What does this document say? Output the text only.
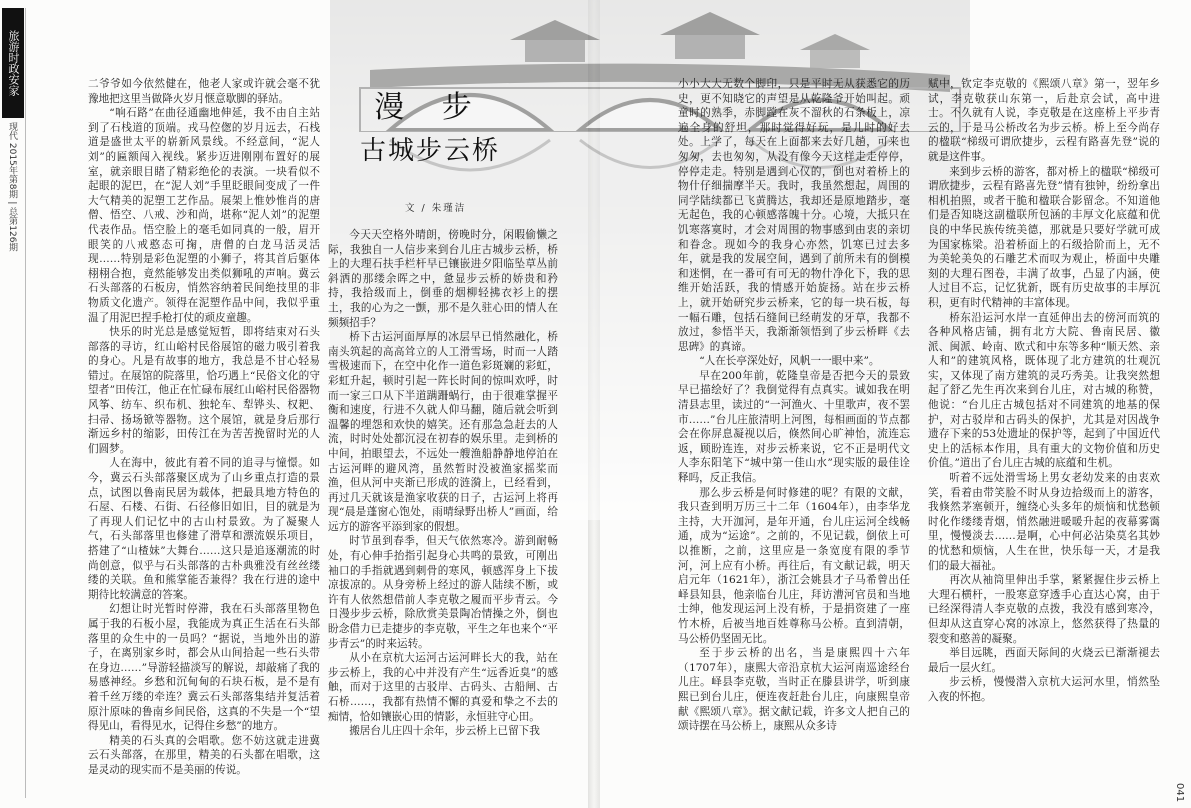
旅游时政安家
现代 2015年第8期 | 总第126期
漫 步
古城步云桥
文 / 朱瑾洁

二爷爷如今依然健在，他老人家或许就会毫不犹豫地把这里当做降火岁月惬意歇脚的驿站。

“响石路”在曲径通幽地伸延，我不由自主站到了石栈道的顶端。戎马倥偬的岁月远去，石栈道是盛世太平的崭新风景线。不经意间，“泥人刘”的匾额闯入视线。紧步迈进刚刚布置好的展室，就亲眼目睹了精彩绝伦的表演。一块看似不起眼的泥巴，在“泥人刘”手里眨眼间变成了一件大气精美的泥塑工艺作品。展架上惟妙惟肖的唐僧、悟空、八戒、沙和尚，堪称“泥人刘”的泥塑代表作品。悟空脸上的毫毛如同真的一般，眉开眼笑的八戒憨态可掬，唐僧的白龙马活灵活现……特别是彩色泥塑的小狮子，将其首后躯体栩栩合抱，竟然能够发出类似狮吼的声响。冀云石头部落的石板房，悄然容纳着民间绝技里的非物质文化遗产。领得在泥塑作品中间，我似乎重温了用泥巴捏手枪打仗的顽皮童趣。

快乐的时光总是感觉短暂，即将结束对石头部落的寻访，红山峪村民俗展馆的磁力吸引着我的身心。凡是有故事的地方，我总是不甘心轻易错过。在展馆的院落里，恰巧遇上“民俗文化的守望者”田传江，他正在忙碌布展红山峪村民俗器物风筝、纺车、织布机、独轮车、犁铧头、权耙、扫帚、扬场锨等器物。这个展馆，就是身后那行渐远乡村的缩影，田传江在为苦苦挽留时光的人们圆梦。

人在海中，彼此有着不同的追寻与憧憬。如今，冀云石头部落聚区成为了山乡重点打造的景点，试图以鲁南民居为载体，把最具地方特色的石屋、石楼、石街、石径修旧如旧，目的就是为了再现人们记忆中的古山村景致。为了凝聚人气，石头部落里也修建了滑草和漂流娱乐项目，搭建了“山楂妹”大舞台……这只是追逐潮流的时尚创意，似乎与石头部落的古朴典雅没有丝丝缕缕的关联。鱼和熊掌能否兼得？我在行进的途中期待比较满意的答案。

幻想让时光暂时停滞，我在石头部落里物色属于我的石板小屋，我能成为真正生活在石头部落里的众生中的一员吗？“据说，当地外出的游子，在离别家乡时，都会从山间拾起一些石头带在身边……”导游轻描淡写的解说，却敲痛了我的易感神经。乡愁和沉甸甸的石块石板，是不是有着千丝万缕的牵连？冀云石头部落集结并复活着原汁原味的鲁南乡间民俗，这真的不失是一个“望得见山，看得见水，记得住乡愁”的地方。

精美的石头真的会唱歌。您不妨这就走进冀云石头部落，在那里，精美的石头都在唱歌，这是灵动的现实而不是美丽的传说。

今天天空格外晴朗，傍晚时分，闲暇偷懒之际，我独自一人信步来到台儿庄古城步云桥，桥上的大理石扶手栏杆早已镶嵌进夕阳临坠草丛前斜洒的那缕余晖之中，惫显步云桥的娇贵和矜持，我拾级而上，倒垂的烟柳轻拂衣衫上的摆土，我的心为之一颤，那不是久驻心田的情人在频频招手？

桥下古运河面厚厚的冰层早已悄然融化，桥南头筑起的高高耸立的人工滑雪场，时而一人踏雪极速而下，在空中化作一道色彩斑斓的彩虹，彩虹升起，顿时引起一阵长时间的惊叫欢呼，时而一家三口从下半道蹒跚蜗行，由于很难掌握平衡和速度，行进不久就人仰马翻，随后就会听到温馨的埋怨和欢快的嬉笑。还有那急急赶去的人流，时时处处都沉浸在初春的娱乐里。走到桥的中间，拍眼望去，不远处一艘渔船静静地停泊在古运河畔的避风湾，虽然暂时没被渔家摇桨而渔，但从河中夹渐已形成的涟漪上，已经看到，再过几天就该是渔家收获的日子，古运河上将再现“晨是蓬窗心饱处，雨晴绿野出桥人”画面，给远方的游客平添到家的假想。

时节虽到春季，但天气依然寒冷。游到耐畅处，有心伸手抬指引起身心共鸣的景致，可刚出袖口的手指就遇到刺骨的寒风，顿感浑身上下拔凉拔凉的。从身旁桥上经过的游人陆续不断，或许有人依然想借前人李克敬之履而平步青云。今日漫步步云桥，除欣赏美景陶冶情操之外，倒也盼念借力已走捷步的李克敬，平生之年也来个“平步青云”的时来运转。

从小在京杭大运河古运河畔长大的我，站在步云桥上，我的心中并没有产生“远香近臭”的感触，而对于这里的古驳岸、古码头、古船闸、古石桥……，我都有热情不懈的真爱和挚之不去的痴情，恰如镶嵌心田的情影，永恒驻守心田。

搬居台儿庄四十余年，步云桥上已留下我

小小大大无数个脚印，只是平时无从获悉它的历史，更不知晓它的声望是从乾隆爷开始叫起。顽童时的熟季，赤脚蹚在灰不溜秋的石条板上，凉遍全身的舒坦，那时觉得好玩，是儿时的好去处。上学了，每天在上面都来去好几趟，可来也匆匆，去也匆匆，从没有像今天这样走走停停，停停走走。特别是遇到心仪的，倒也对着桥上的物什仔细揣摩半天。我时，我虽然想起，周围的同学陆续都已飞黄腾达，我却还是原地踏步，毫无起色，我的心顿感落魄十分。心境，大抵只在饥寒落寞时，才会对周围的物事感到由衷的亲切和眷念。现如今的我身心亦然，饥寒已过去多年，就是我的发展空间，遇到了前所未有的倒模和迷惘，在一番可有可无的物什净化下，我的思维开始活跃，我的情感开始旋扬。站在步云桥上，就开始研究步云桥来，它的每一块石板，每一幅石雕，包括石缝间已经萌发的牙草，我都不放过，参悟半天，我渐渐领悟到了步云桥畔《去思碑》的真谛。

“人在长亭深处好，风帆一一眼中来”。

早在200年前，乾隆皇帝是否把今天的景致早已描绘好了？我倒觉得有点真实。诚如我在明清县志里，读过的“一河渔火、十里歌声，夜不罢市……”台儿庄旅清明上河图，每相画面的节点都会在你屏息凝视以后，倏然间心旷神怡，流连忘返，顾盼连连，对步云桥来说，它不正是明代文人李东阳笔下“城中第一佳山水”现实版的最佳诠释吗，反正我信。

那么步云桥是何时修建的呢？有限的文献，我只查到明万历三十二年（1604年），由李华龙主持，大开泇河，是年开通，台儿庄运河全线畅通，成为“运途”。之前的，不见记载，倒依上可以推断，之前，这里应是一条宽度有限的季节河，河上应有小桥。再往后，有文献记载，明天启元年（1621年），浙江会姚县才子马希曾出任峄县知县，他亲临台儿庄，拜访漕河官员和当地士绅，他发现运河上没有桥，于是捐资建了一座竹木桥，后被当地百姓尊称马公桥。直到清朝，马公桥仍坚固无比。

至于步云桥的出名，当是康熙四十六年（1707年），康熙大帝沿京杭大运河南巡途经台儿庄。峄县李克敬，当时正在滕县讲学，听到康熙已到台儿庄，便连夜赶赴台儿庄，向康熙皇帝献《熙颂八章》。据文献记载，许多文人把自己的颂诗摆在马公桥上，康熙从众多诗

赋中，钦定李克敬的《熙颂八章》第一，翌年乡试，李克敬获山东第一，后赴京会试，高中进士。不久就有人说，李克敬是在这座桥上平步青云的，于是马公桥改名为步云桥。桥上至今尚存的楹联“梯级可谓欣捷步，云程有路喜先登”说的就是这件事。

来到步云桥的游客，都对桥上的楹联“梯级可谓欣捷步，云程有路喜先登”情有独钟，纷纷拿出相机拍照，或者干脆和楹联合影留念。不知道他们是否知晓这副楹联所包涵的丰厚文化底蕴和优良的中华民族传统美德，那就是只要好学就可成为国家栋梁。沿着桥面上的石级拾阶而上，无不为美轮美奂的石雕艺术而叹为观止，桥面中央雕刻的大理石图卷，丰满了故事，凸显了内涵，使人过目不忘，记忆犹新，既有历史故事的丰厚沉积，更有时代精神的丰富体现。

桥东沿运河水岸一直延伸出去的傍河而筑的各种风格店铺，拥有北方大院、鲁南民居、徽派、闽派、岭南、欧式和中东等多种“顺天然、亲人和”的建筑风格，既体现了北方建筑的壮观沉实，又体现了南方建筑的灵巧秀美。让我突然想起了舒乙先生再次来到台儿庄，对古城的称赞，他说：“台儿庄古城包括对不同建筑的地基的保护，对古驳岸和古码头的保护，尤其是对因战争遗存下来的53处遗址的保护等，起到了中国近代史上的活标本作用，具有重大的文物价值和历史价值。”道出了台儿庄古城的底蕴和生机。

听着不远处滑雪场上男女老幼发来的由衷欢笑，看着由带笑脸不时从身边拾级而上的游客，我倏然茅塞顿开，缠绕心头多年的烦恼和忧愁顿时化作缕缕青烟，悄然融进暖暖升起的夜幕雾霭里，慢慢淡去……是啊，心中何必沾染莫名其妙的忧愁和烦恼，人生在世，快乐每一天，才是我们的最大福祉。

再次从袖筒里伸出手掌，紧紧握住步云桥上大理石横杆，一股寒意穿透手心直达心窝，由于已经深得清人李克敬的点拨，我没有感到寒冷，但却从这直穿心窝的冰凉上，悠然获得了热量的裂变和憨善的凝聚。

举目远眺，西面天际间的火烧云已渐渐褪去最后一层火红。

步云桥，慢慢潜入京杭大运河水里，悄然坠入夜的怀抱。

041
